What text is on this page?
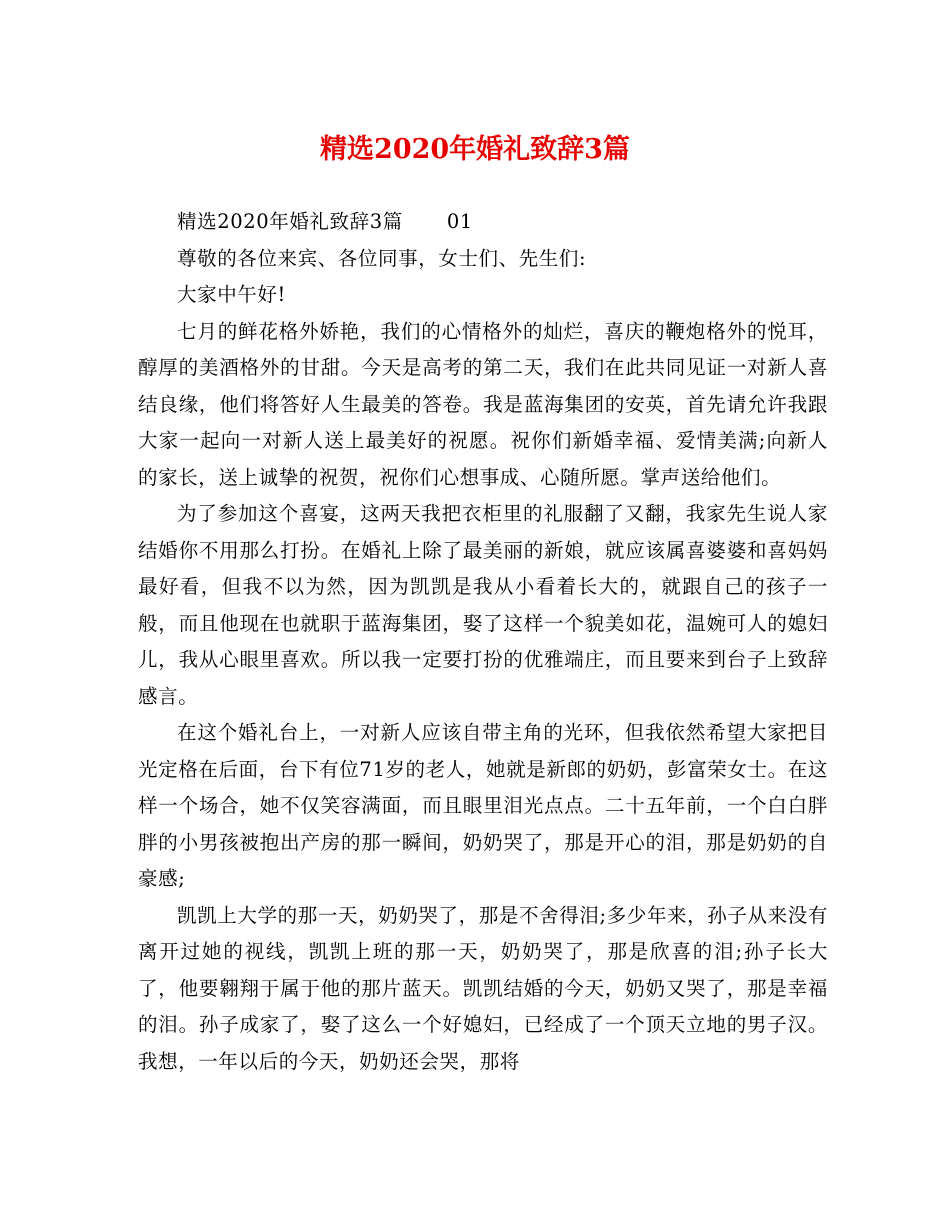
精选2020年婚礼致辞3篇
精选2020年婚礼致辞3篇 01

尊敬的各位来宾、各位同事，女士们、先生们:

大家中午好!

七月的鲜花格外娇艳，我们的心情格外的灿烂，喜庆的鞭炮格外的悦耳，醇厚的美酒格外的甘甜。今天是高考的第二天，我们在此共同见证一对新人喜结良缘，他们将答好人生最美的答卷。我是蓝海集团的安英，首先请允许我跟大家一起向一对新人送上最美好的祝愿。祝你们新婚幸福、爱情美满;向新人的家长，送上诚挚的祝贺，祝你们心想事成、心随所愿。掌声送给他们。

为了参加这个喜宴，这两天我把衣柜里的礼服翻了又翻，我家先生说人家结婚你不用那么打扮。在婚礼上除了最美丽的新娘，就应该属喜婆婆和喜妈妈最好看，但我不以为然，因为凯凯是我从小看着长大的，就跟自己的孩子一般，而且他现在也就职于蓝海集团，娶了这样一个貌美如花，温婉可人的媳妇儿，我从心眼里喜欢。所以我一定要打扮的优雅端庄，而且要来到台子上致辞感言。

在这个婚礼台上，一对新人应该自带主角的光环，但我依然希望大家把目光定格在后面，台下有位71岁的老人，她就是新郎的奶奶，彭富荣女士。在这样一个场合，她不仅笑容满面，而且眼里泪光点点。二十五年前，一个白白胖胖的小男孩被抱出产房的那一瞬间，奶奶哭了，那是开心的泪，那是奶奶的自豪感;

凯凯上大学的那一天，奶奶哭了，那是不舍得泪;多少年来，孙子从来没有离开过她的视线，凯凯上班的那一天，奶奶哭了，那是欣喜的泪;孙子长大了，他要翱翔于属于他的那片蓝天。凯凯结婚的今天，奶奶又哭了，那是幸福的泪。孙子成家了，娶了这么一个好媳妇，已经成了一个顶天立地的男子汉。我想，一年以后的今天，奶奶还会哭，那将
